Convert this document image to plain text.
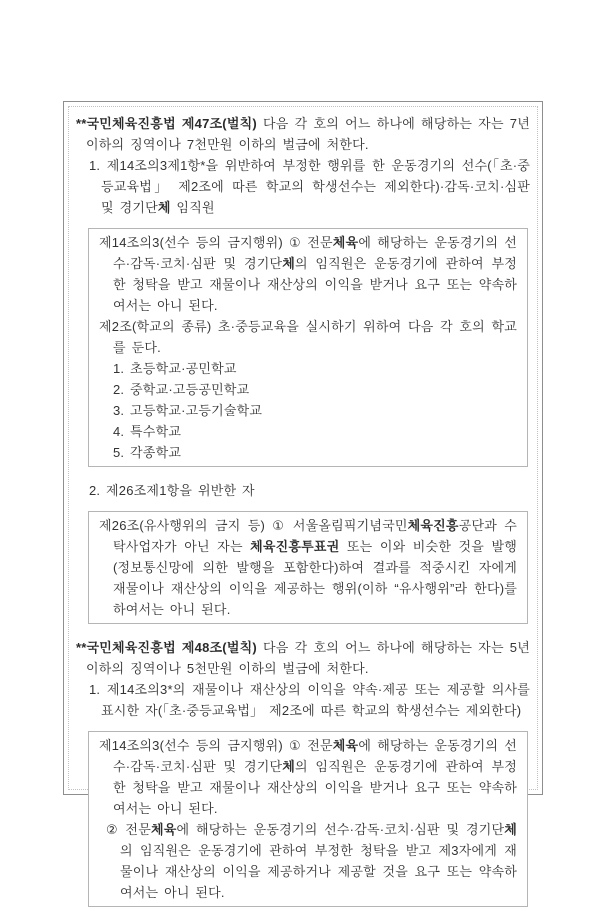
**국민체육진흥법 제47조(벌칙) 다음 각 호의 어느 하나에 해당하는 자는 7년 이하의 징역이나 7천만원 이하의 벌금에 처한다.

1. 제14조의3제1항*을 위반하여 부정한 행위를 한 운동경기의 선수(「초·중등교육법」 제2조에 따른 학교의 학생선수는 제외한다)·감독·코치·심판 및 경기단체 임직원

제14조의3(선수 등의 금지행위) ① 전문체육에 해당하는 운동경기의 선수·감독·코치·심판 및 경기단체의 임직원은 운동경기에 관하여 부정한 청탁을 받고 재물이나 재산상의 이익을 받거나 요구 또는 약속하여서는 아니 된다.

제2조(학교의 종류) 초·중등교육을 실시하기 위하여 다음 각 호의 학교를 둔다.

1. 초등학교·공민학교

2. 중학교·고등공민학교

3. 고등학교·고등기술학교

4. 특수학교

5. 각종학교

2. 제26조제1항을 위반한 자

제26조(유사행위의 금지 등) ① 서울올림픽기념국민체육진흥공단과 수탁사업자가 아닌 자는 체육진흥투표권 또는 이와 비슷한 것을 발행(정보통신망에 의한 발행을 포함한다)하여 결과를 적중시킨 자에게 재물이나 재산상의 이익을 제공하는 행위(이하 “유사행위”라 한다)를 하여서는 아니 된다.

**국민체육진흥법 제48조(벌칙) 다음 각 호의 어느 하나에 해당하는 자는 5년 이하의 징역이나 5천만원 이하의 벌금에 처한다.

1. 제14조의3*의 재물이나 재산상의 이익을 약속·제공 또는 제공할 의사를 표시한 자(「초·중등교육법」 제2조에 따른 학교의 학생선수는 제외한다)

제14조의3(선수 등의 금지행위) ① 전문체육에 해당하는 운동경기의 선수·감독·코치·심판 및 경기단체의 임직원은 운동경기에 관하여 부정한 청탁을 받고 재물이나 재산상의 이익을 받거나 요구 또는 약속하여서는 아니 된다.

② 전문체육에 해당하는 운동경기의 선수·감독·코치·심판 및 경기단체의 임직원은 운동경기에 관하여 부정한 청탁을 받고 제3자에게 재물이나 재산상의 이익을 제공하거나 제공할 것을 요구 또는 약속하여서는 아니 된다.
